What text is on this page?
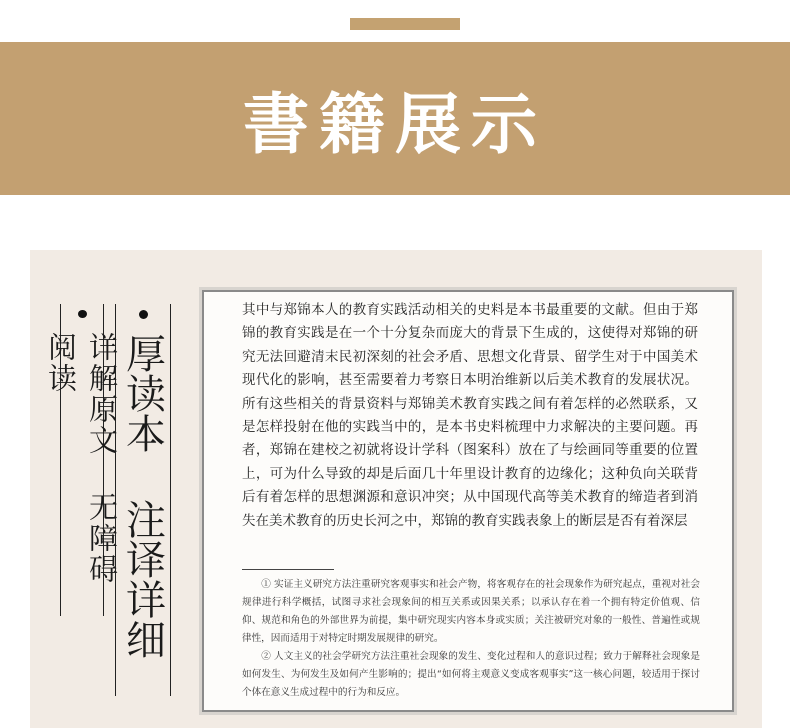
書籍展示
详解原文 无障碍阅读	厚读本 注译详细

其中与郑锦本人的教育实践活动相关的史料是本书最重要的文献。但由于郑锦的教育实践是在一个十分复杂而庞大的背景下生成的，这使得对郑锦的研究无法回避清末民初深刻的社会矛盾、思想文化背景、留学生对于中国美术现代化的影响，甚至需要着力考察日本明治维新以后美术教育的发展状况。所有这些相关的背景资料与郑锦美术教育实践之间有着怎样的必然联系，又是怎样投射在他的实践当中的，是本书史料梳理中力求解决的主要问题。再者，郑锦在建校之初就将设计学科（图案科）放在了与绘画同等重要的位置上，可为什么导致的却是后面几十年里设计教育的边缘化；这种负向关联背后有着怎样的思想渊源和意识冲突；从中国现代高等美术教育的缔造者到消失在美术教育的历史长河之中，郑锦的教育实践表象上的断层是否有着深层

① 实证主义研究方法注重研究客观事实和社会产物，将客观存在的社会现象作为研究起点，重视对社会规律进行科学概括，试图寻求社会现象间的相互关系或因果关系；以承认存在着一个拥有特定价值观、信仰、规范和角色的外部世界为前提，集中研究现实内容本身或实质；关注被研究对象的一般性、普遍性或规律性，因而适用于对特定时期发展规律的研究。

② 人文主义的社会学研究方法注重社会现象的发生、变化过程和人的意识过程；致力于解释社会现象是如何发生、为何发生及如何产生影响的；提出“如何将主观意义变成客观事实”这一核心问题，较适用于探讨个体在意义生成过程中的行为和反应。
